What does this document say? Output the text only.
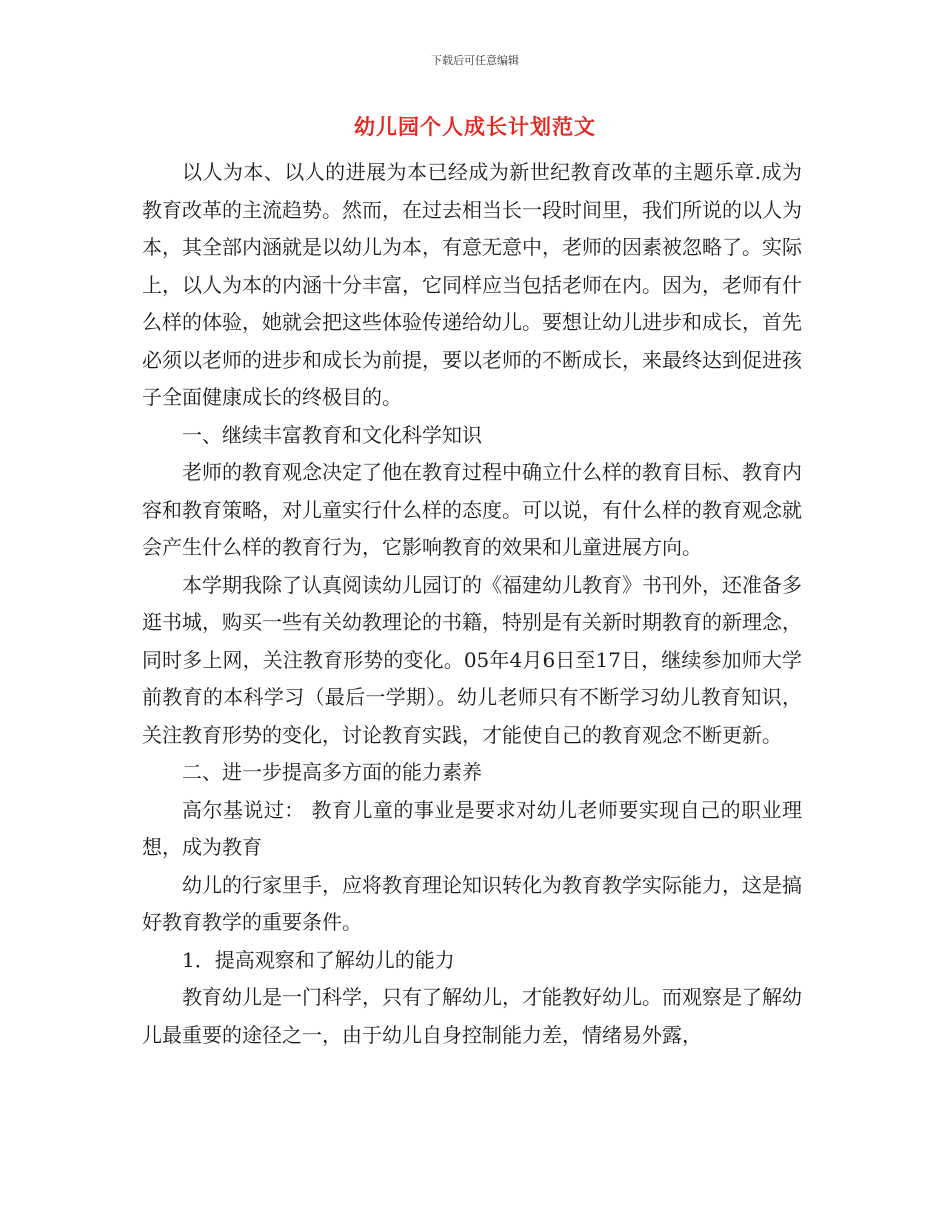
下载后可任意编辑
幼儿园个人成长计划范文

以人为本、以人的进展为本已经成为新世纪教育改革的主题乐章.成为教育改革的主流趋势。然而，在过去相当长一段时间里，我们所说的以人为本，其全部内涵就是以幼儿为本，有意无意中，老师的因素被忽略了。实际上，以人为本的内涵十分丰富，它同样应当包括老师在内。因为，老师有什么样的体验，她就会把这些体验传递给幼儿。要想让幼儿进步和成长，首先必须以老师的进步和成长为前提，要以老师的不断成长，来最终达到促进孩子全面健康成长的终极目的。

一、继续丰富教育和文化科学知识

老师的教育观念决定了他在教育过程中确立什么样的教育目标、教育内容和教育策略，对儿童实行什么样的态度。可以说，有什么样的教育观念就会产生什么样的教育行为，它影响教育的效果和儿童进展方向。

本学期我除了认真阅读幼儿园订的《福建幼儿教育》书刊外，还准备多逛书城，购买一些有关幼教理论的书籍，特别是有关新时期教育的新理念，同时多上网，关注教育形势的变化。05年4月6日至17日，继续参加师大学前教育的本科学习（最后一学期）。幼儿老师只有不断学习幼儿教育知识，关注教育形势的变化，讨论教育实践，才能使自己的教育观念不断更新。

二、进一步提高多方面的能力素养

高尔基说过： 教育儿童的事业是要求对幼儿老师要实现自己的职业理想，成为教育

幼儿的行家里手，应将教育理论知识转化为教育教学实际能力，这是搞好教育教学的重要条件。

1．提高观察和了解幼儿的能力

教育幼儿是一门科学，只有了解幼儿，才能教好幼儿。而观察是了解幼儿最重要的途径之一，由于幼儿自身控制能力差，情绪易外露，
